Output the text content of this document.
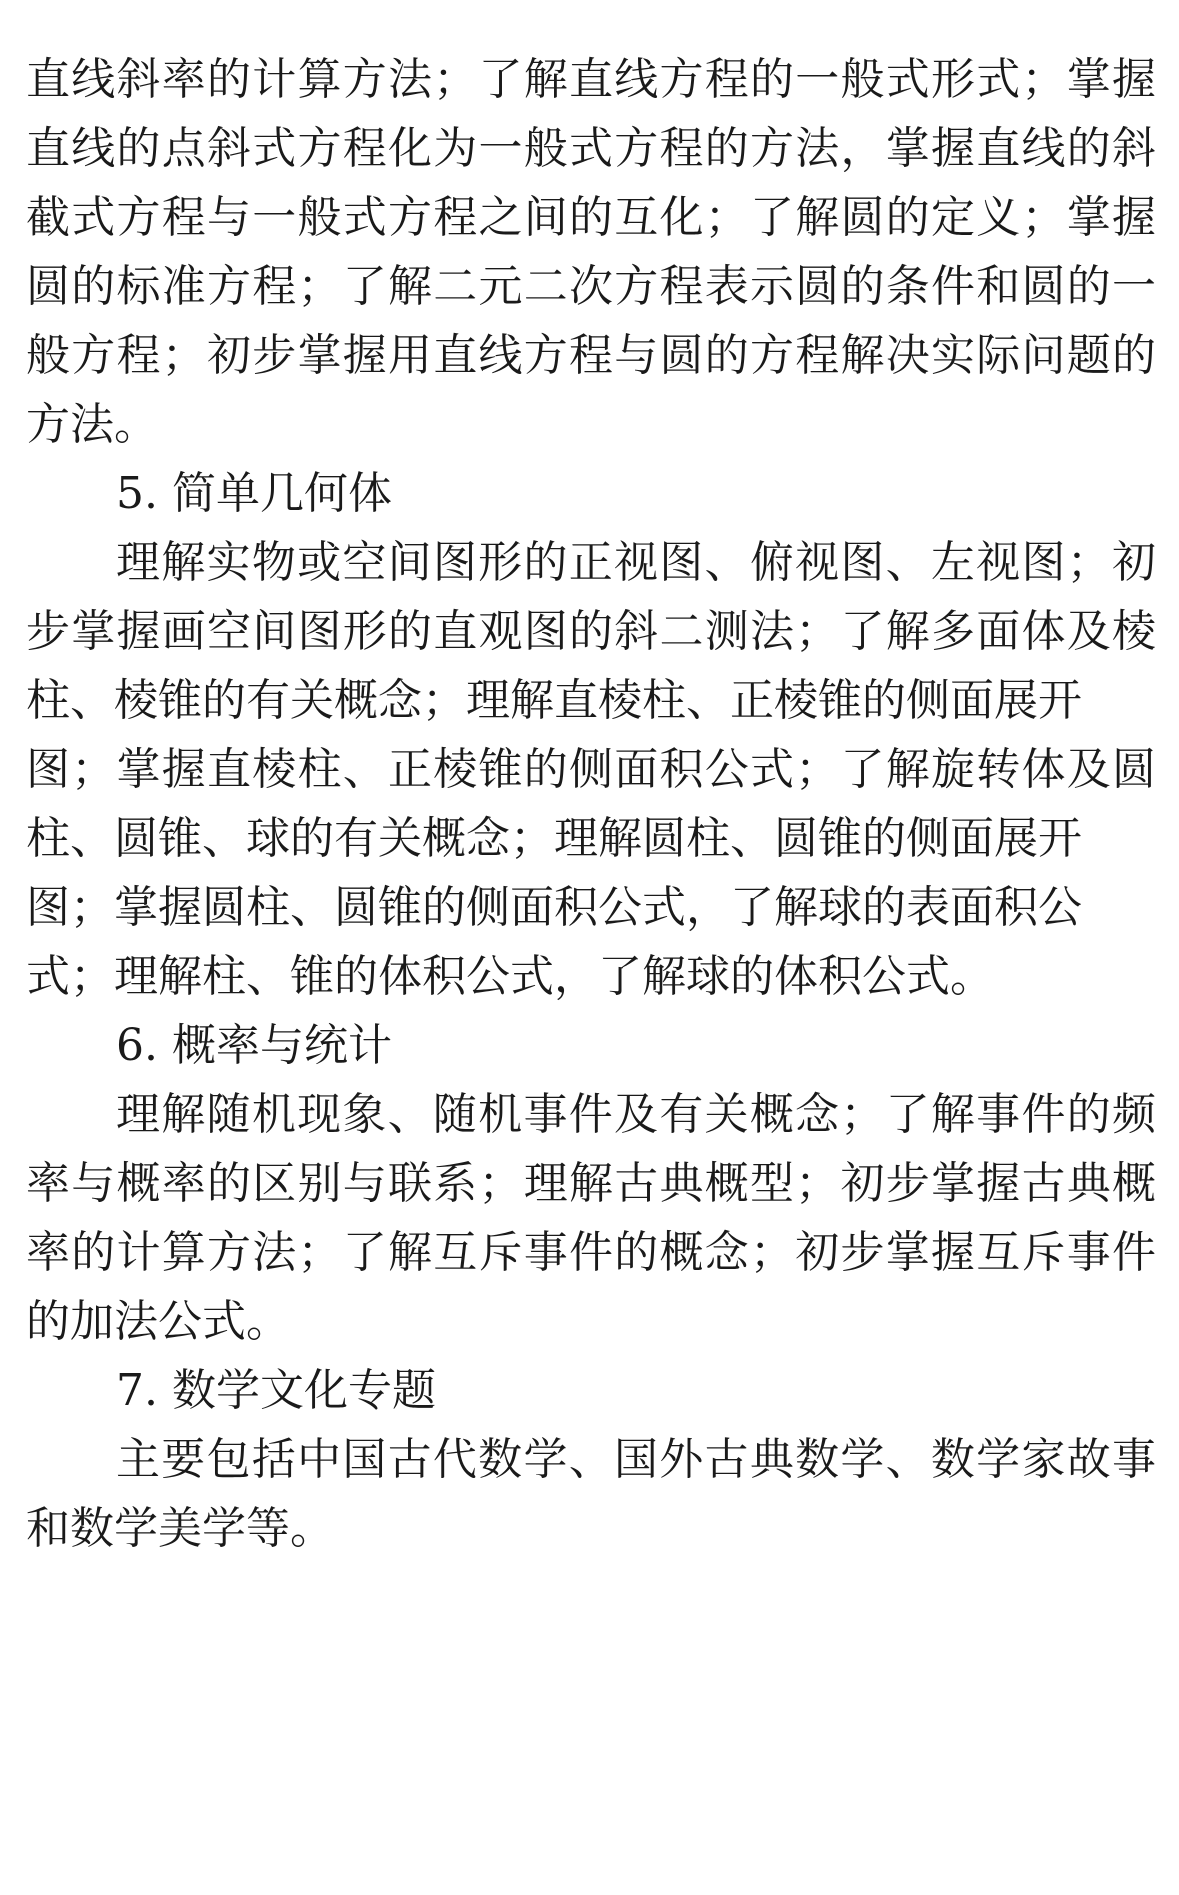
直线斜率的计算方法；了解直线方程的一般式形式；掌握
直线的点斜式方程化为一般式方程的方法，掌握直线的斜
截式方程与一般式方程之间的互化；了解圆的定义；掌握
圆的标准方程；了解二元二次方程表示圆的条件和圆的一
般方程；初步掌握用直线方程与圆的方程解决实际问题的
方法。
5. 简单几何体
理解实物或空间图形的正视图、俯视图、左视图；初
步掌握画空间图形的直观图的斜二测法；了解多面体及棱
柱、棱锥的有关概念；理解直棱柱、正棱锥的侧面展开
图；掌握直棱柱、正棱锥的侧面积公式；了解旋转体及圆
柱、圆锥、球的有关概念；理解圆柱、圆锥的侧面展开
图；掌握圆柱、圆锥的侧面积公式，了解球的表面积公
式；理解柱、锥的体积公式，了解球的体积公式。
6. 概率与统计
理解随机现象、随机事件及有关概念；了解事件的频
率与概率的区别与联系；理解古典概型；初步掌握古典概
率的计算方法；了解互斥事件的概念；初步掌握互斥事件
的加法公式。
7. 数学文化专题
主要包括中国古代数学、国外古典数学、数学家故事
和数学美学等。
